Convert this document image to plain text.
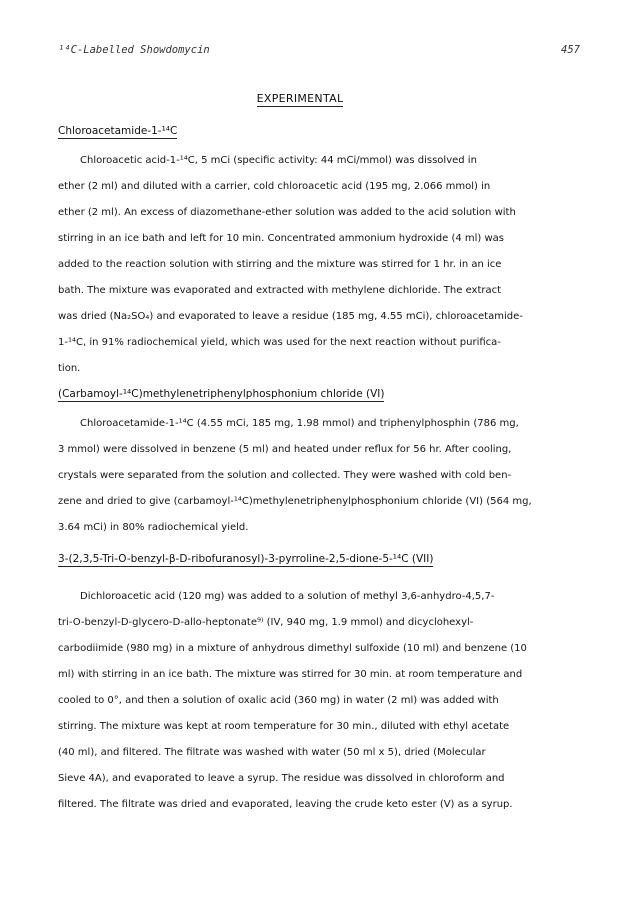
¹⁴C-Labelled Showdomycin	457
EXPERIMENTAL
Chloroacetamide-1-¹⁴C
Chloroacetic acid-1-¹⁴C, 5 mCi (specific activity: 44 mCi/mmol) was dissolved in
ether (2 ml) and diluted with a carrier, cold chloroacetic acid (195 mg, 2.066 mmol) in
ether (2 ml). An excess of diazomethane-ether solution was added to the acid solution with
stirring in an ice bath and left for 10 min. Concentrated ammonium hydroxide (4 ml) was
added to the reaction solution with stirring and the mixture was stirred for 1 hr. in an ice
bath. The mixture was evaporated and extracted with methylene dichloride. The extract
was dried (Na₂SO₄) and evaporated to leave a residue (185 mg, 4.55 mCi), chloroacetamide-
1-¹⁴C, in 91% radiochemical yield, which was used for the next reaction without purifica-
tion.
(Carbamoyl-¹⁴C)methylenetriphenylphosphonium chloride (VI)
Chloroacetamide-1-¹⁴C (4.55 mCi, 185 mg, 1.98 mmol) and triphenylphosphin (786 mg,
3 mmol) were dissolved in benzene (5 ml) and heated under reflux for 56 hr. After cooling,
crystals were separated from the solution and collected. They were washed with cold ben-
zene and dried to give (carbamoyl-¹⁴C)methylenetriphenylphosphonium chloride (VI) (564 mg,
3.64 mCi) in 80% radiochemical yield.
3-(2,3,5-Tri-O-benzyl-β-D-ribofuranosyl)-3-pyrroline-2,5-dione-5-¹⁴C (VII)
Dichloroacetic acid (120 mg) was added to a solution of methyl 3,6-anhydro-4,5,7-
tri-O-benzyl-D-glycero-D-allo-heptonate⁹⁾ (IV, 940 mg, 1.9 mmol) and dicyclohexyl-
carbodiimide (980 mg) in a mixture of anhydrous dimethyl sulfoxide (10 ml) and benzene (10
ml) with stirring in an ice bath. The mixture was stirred for 30 min. at room temperature and
cooled to 0°, and then a solution of oxalic acid (360 mg) in water (2 ml) was added with
stirring. The mixture was kept at room temperature for 30 min., diluted with ethyl acetate
(40 ml), and filtered. The filtrate was washed with water (50 ml x 5), dried (Molecular
Sieve 4A), and evaporated to leave a syrup. The residue was dissolved in chloroform and
filtered. The filtrate was dried and evaporated, leaving the crude keto ester (V) as a syrup.
